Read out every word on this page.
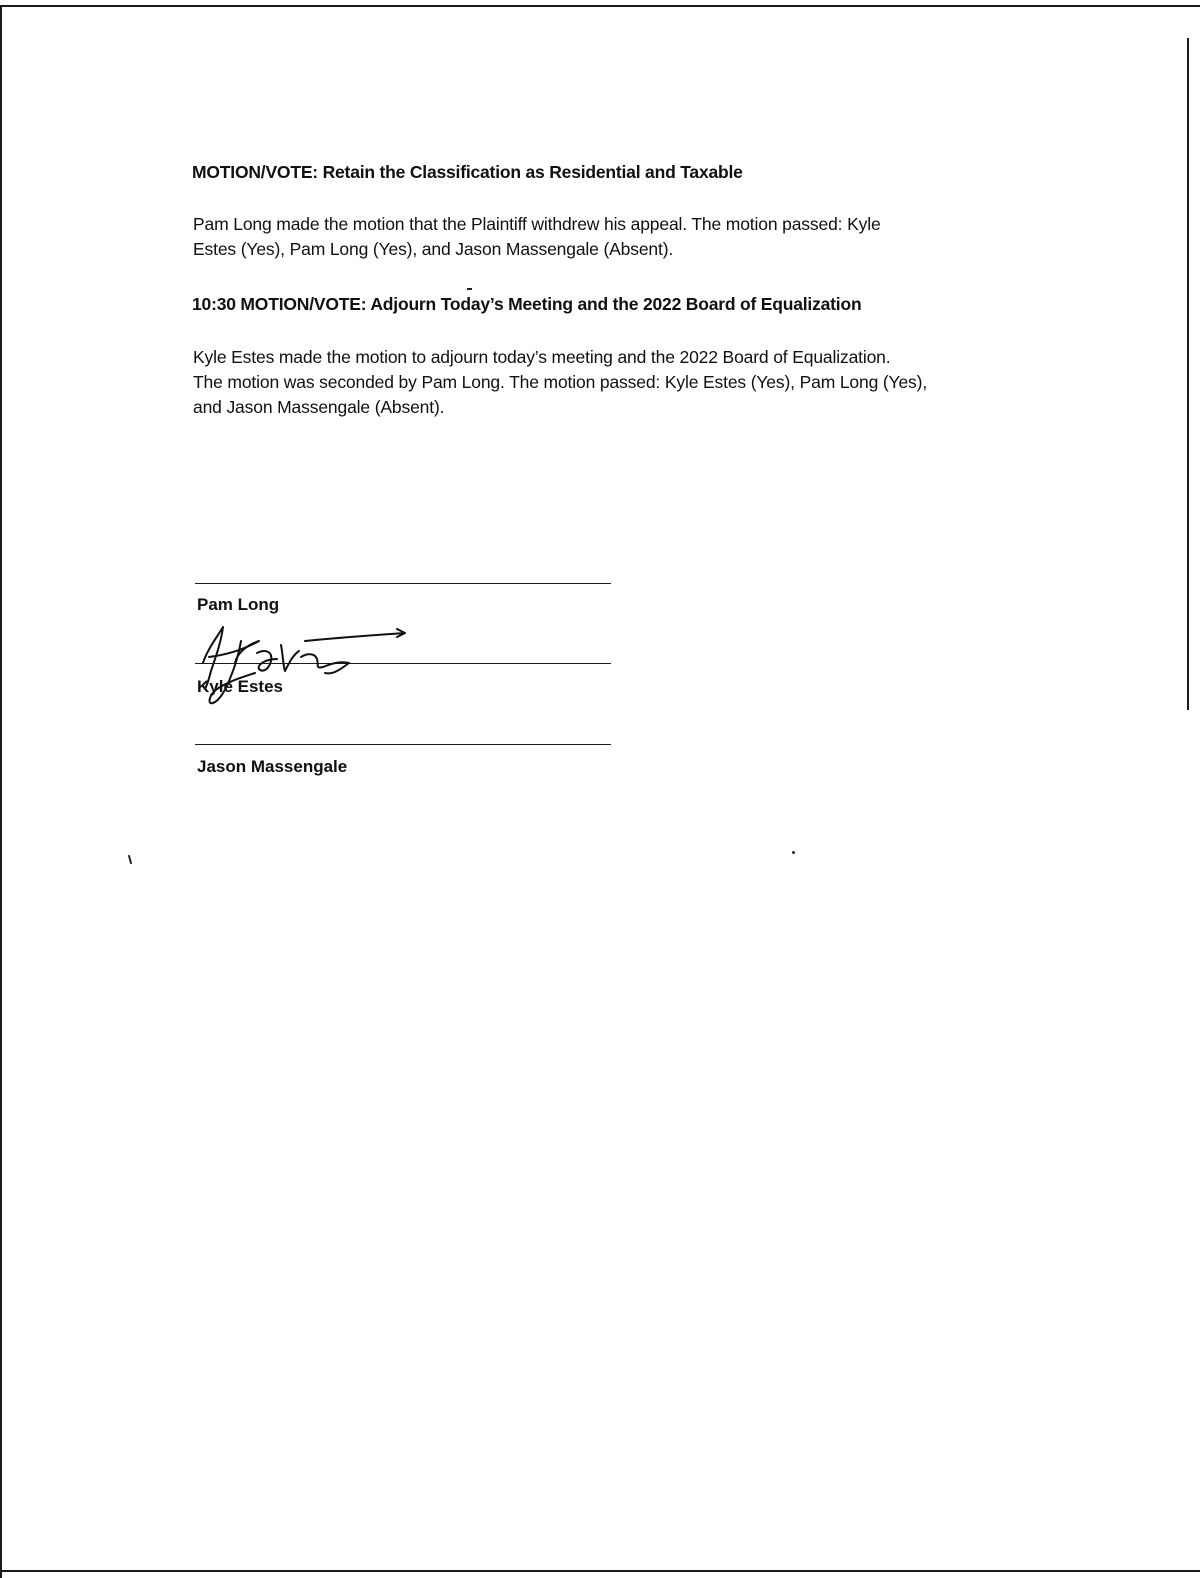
MOTION/VOTE: Retain the Classification as Residential and Taxable
Pam Long made the motion that the Plaintiff withdrew his appeal. The motion passed: Kyle
Estes (Yes), Pam Long (Yes), and Jason Massengale (Absent).
10:30 MOTION/VOTE: Adjourn Today’s Meeting and the 2022 Board of Equalization
Kyle Estes made the motion to adjourn today’s meeting and the 2022 Board of Equalization.
The motion was seconded by Pam Long. The motion passed: Kyle Estes (Yes), Pam Long (Yes),
and Jason Massengale (Absent).
Pam Long
Kyle Estes
Jason Massengale
